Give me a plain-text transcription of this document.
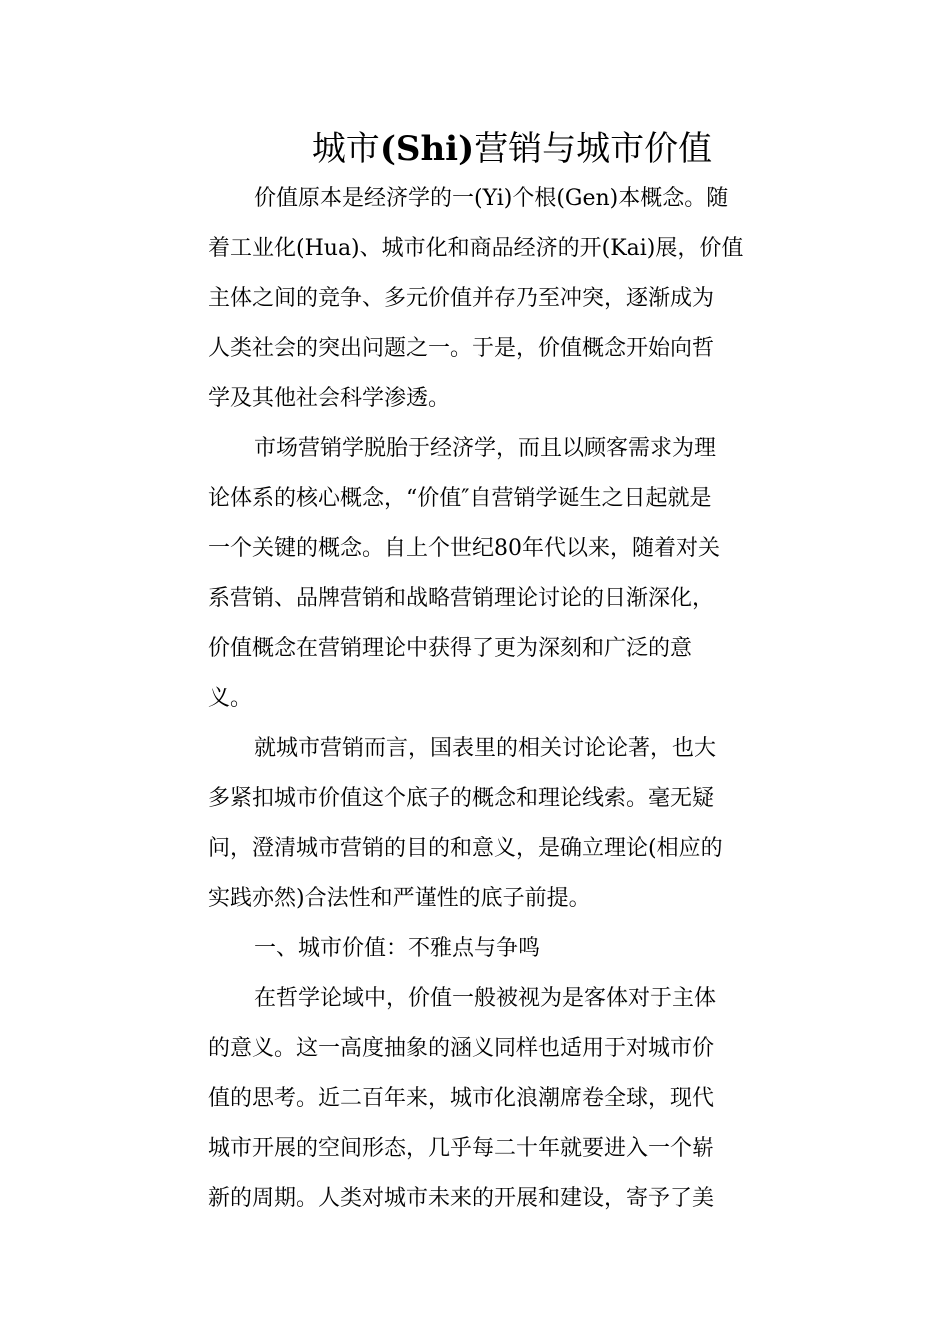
城市(Shi)营销与城市价值
价值原本是经济学的一(Yi)个根(Gen)本概念。随
着工业化(Hua)、城市化和商品经济的开(Kai)展，价值
主体之间的竞争、多元价值并存乃至冲突，逐渐成为
人类社会的突出问题之一。于是，价值概念开始向哲
学及其他社会科学渗透。
市场营销学脱胎于经济学，而且以顾客需求为理
论体系的核心概念，“价值″自营销学诞生之日起就是
一个关键的概念。自上个世纪80年代以来，随着对关
系营销、品牌营销和战略营销理论讨论的日渐深化，
价值概念在营销理论中获得了更为深刻和广泛的意
义。
就城市营销而言，国表里的相关讨论论著，也大
多紧扣城市价值这个底子的概念和理论线索。毫无疑
问，澄清城市营销的目的和意义，是确立理论(相应的
实践亦然)合法性和严谨性的底子前提。
一、城市价值：不雅点与争鸣
在哲学论域中，价值一般被视为是客体对于主体
的意义。这一高度抽象的涵义同样也适用于对城市价
值的思考。近二百年来，城市化浪潮席卷全球，现代
城市开展的空间形态，几乎每二十年就要进入一个崭
新的周期。人类对城市未来的开展和建设，寄予了美
